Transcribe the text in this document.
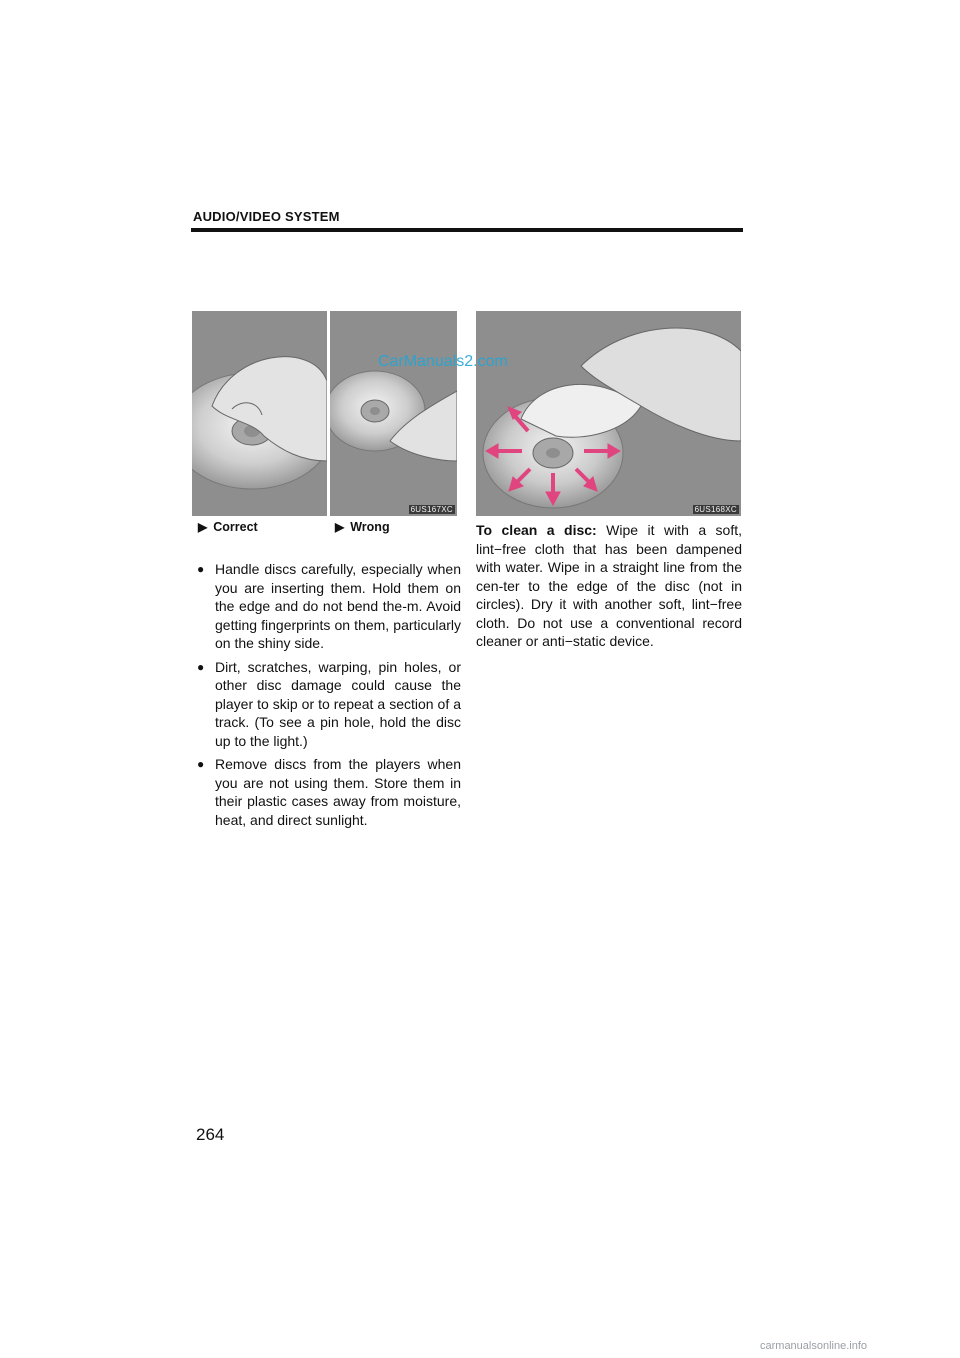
AUDIO/VIDEO SYSTEM
6US167XC
▶ Correct	▶ Wrong
6US168XC
CarManuals2.com
● Handle discs carefully, especially when you are inserting them. Hold them on the edge and do not bend the-m. Avoid getting fingerprints on them, particularly on the shiny side.
● Dirt, scratches, warping, pin holes, or other disc damage could cause the player to skip or to repeat a section of a track. (To see a pin hole, hold the disc up to the light.)
● Remove discs from the players when you are not using them. Store them in their plastic cases away from moisture, heat, and direct sunlight.
To clean a disc: Wipe it with a soft, lint−free cloth that has been dampened with water. Wipe in a straight line from the cen-ter to the edge of the disc (not in circles). Dry it with another soft, lint−free cloth. Do not use a conventional record cleaner or anti−static device.
264
carmanualsonline.info
